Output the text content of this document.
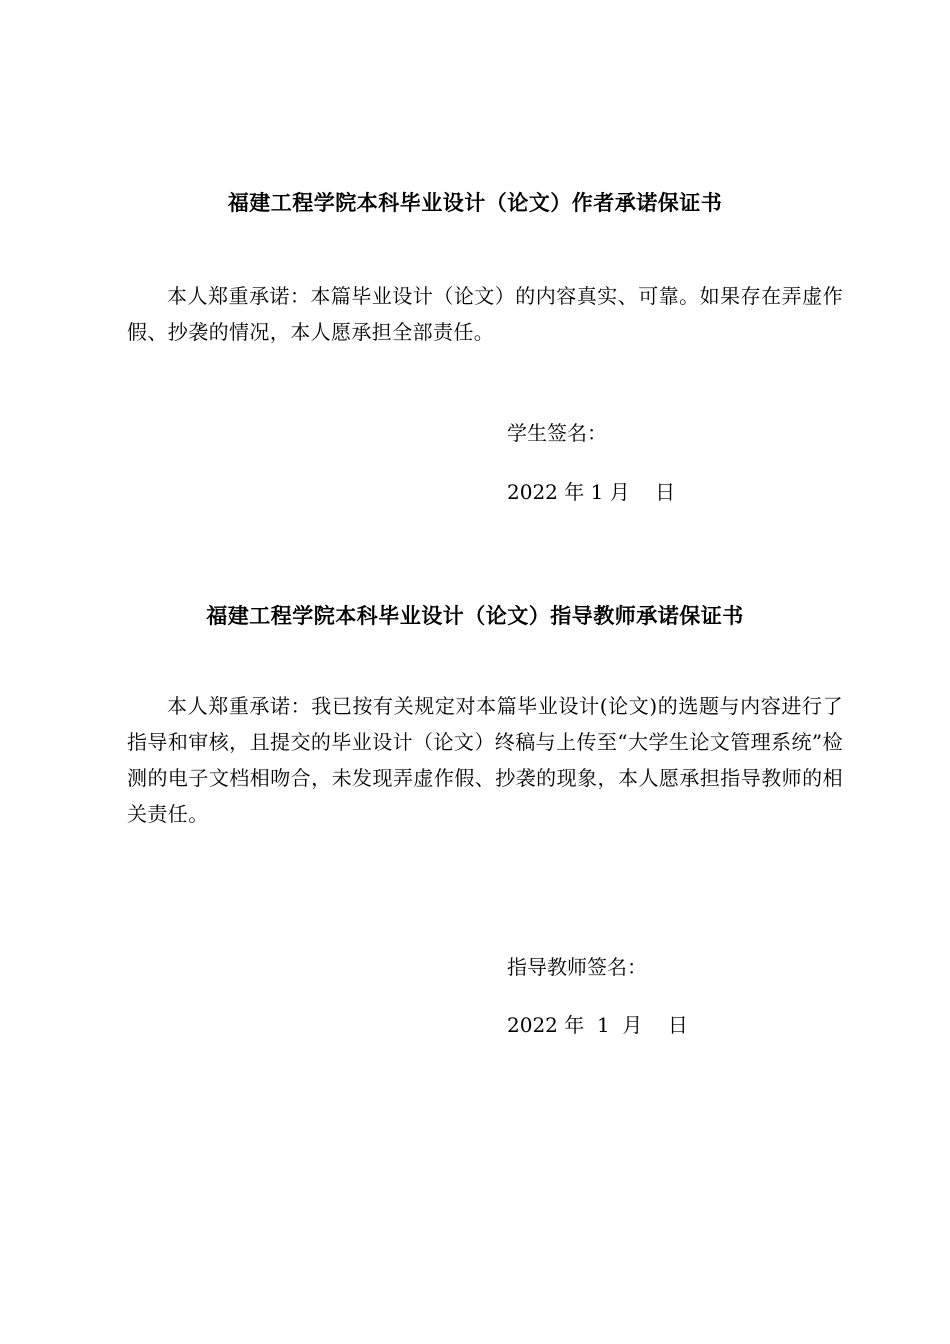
福建工程学院本科毕业设计（论文）作者承诺保证书
本人郑重承诺：本篇毕业设计（论文）的内容真实、可靠。如果存在弄虚作假、抄袭的情况，本人愿承担全部责任。
学生签名：
2022 年 1 月    日
福建工程学院本科毕业设计（论文）指导教师承诺保证书
本人郑重承诺：我已按有关规定对本篇毕业设计(论文)的选题与内容进行了指导和审核，且提交的毕业设计（论文）终稿与上传至“大学生论文管理系统”检测的电子文档相吻合，未发现弄虚作假、抄袭的现象，本人愿承担指导教师的相关责任。
指导教师签名：
2022 年  1  月    日
